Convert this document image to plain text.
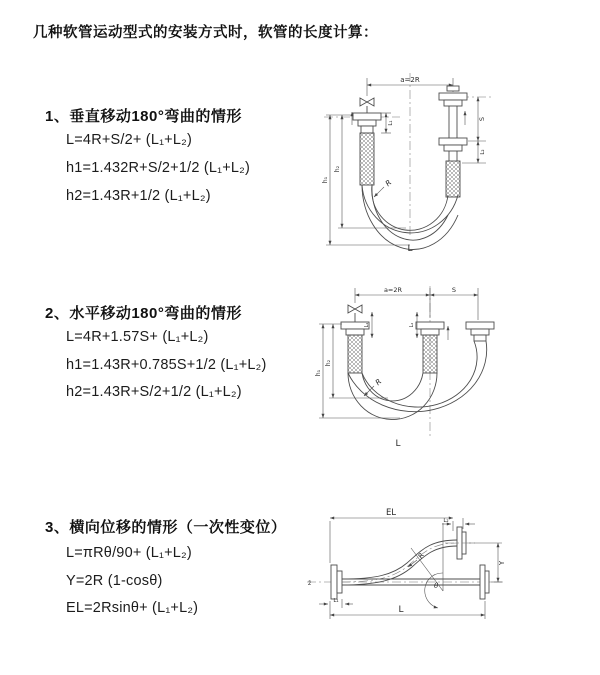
几种软管运动型式的安装方式时，软管的长度计算：
1、垂直移动180°弯曲的情形
L=4R+S/2+ (L₁+L₂)
h1=1.432R+S/2+1/2 (L₁+L₂)
h2=1.43R+1/2 (L₁+L₂)
2、水平移动180°弯曲的情形
L=4R+1.57S+ (L₁+L₂)
h1=1.43R+0.785S+1/2 (L₁+L₂)
h2=1.43R+S/2+1/2 (L₁+L₂)
3、横向位移的情形（一次性变位）
L=πRθ/90+ (L₁+L₂)
Y=2R (1-cosθ)
EL=2Rsinθ+ (L₁+L₂)
a=2R
L₁
S
L₂
h₁
h₂
R
L
a=2R	S
L₁	L₂
h₁
h₂
R
L
z̄
EL
L₂
Y
R
θ
L₁
L
